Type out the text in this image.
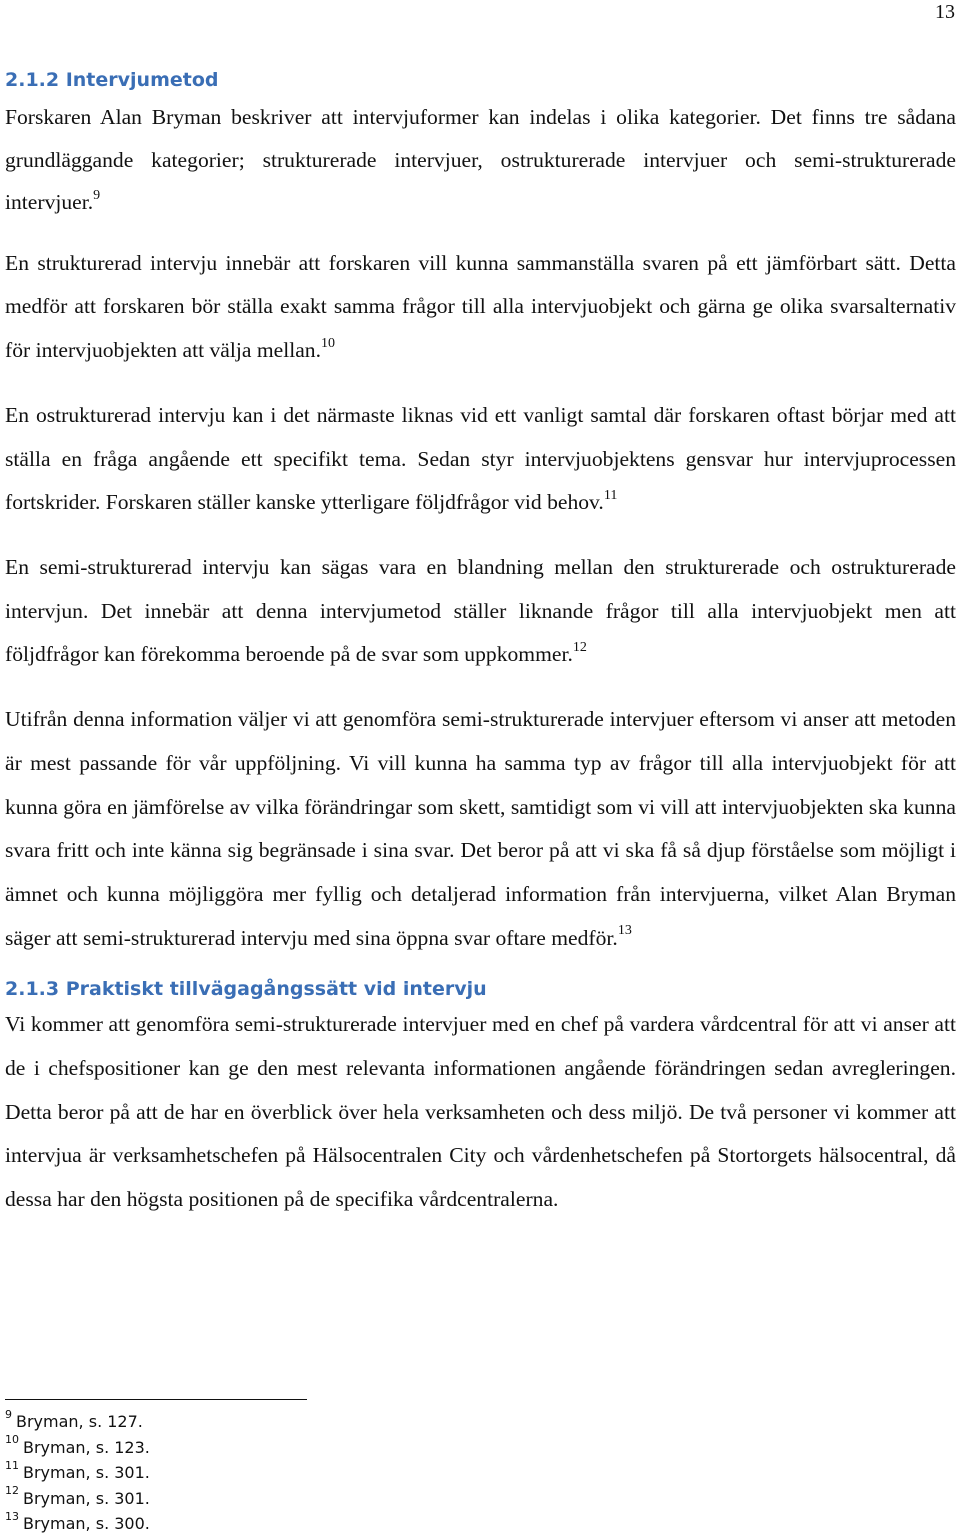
13
2.1.2 Intervjumetod

Forskaren Alan Bryman beskriver att intervjuformer kan indelas i olika kategorier. Det finns tre sådana grundläggande kategorier; strukturerade intervjuer, ostrukturerade intervjuer och semi-strukturerade intervjuer.$^9$

En strukturerad intervju innebär att forskaren vill kunna sammanställa svaren på ett jämförbart sätt. Detta medför att forskaren bör ställa exakt samma frågor till alla intervjuobjekt och gärna ge olika svarsalternativ för intervjuobjekten att välja mellan.$^{10}$

En ostrukturerad intervju kan i det närmaste liknas vid ett vanligt samtal där forskaren oftast börjar med att ställa en fråga angående ett specifikt tema. Sedan styr intervjuobjektens gensvar hur intervjuprocessen fortskrider. Forskaren ställer kanske ytterligare följdfrågor vid behov.$^{11}$

En semi-strukturerad intervju kan sägas vara en blandning mellan den strukturerade och ostrukturerade intervjun. Det innebär att denna intervjumetod ställer liknande frågor till alla intervjuobjekt men att följdfrågor kan förekomma beroende på de svar som uppkommer.$^{12}$

Utifrån denna information väljer vi att genomföra semi-strukturerade intervjuer eftersom vi anser att metoden är mest passande för vår uppföljning. Vi vill kunna ha samma typ av frågor till alla intervjuobjekt för att kunna göra en jämförelse av vilka förändringar som skett, samtidigt som vi vill att intervjuobjekten ska kunna svara fritt och inte känna sig begränsade i sina svar. Det beror på att vi ska få så djup förståelse som möjligt i ämnet och kunna möjliggöra mer fyllig och detaljerad information från intervjuerna, vilket Alan Bryman säger att semi-strukturerad intervju med sina öppna svar oftare medför.$^{13}$

2.1.3 Praktiskt tillvägagångssätt vid intervju

Vi kommer att genomföra semi-strukturerade intervjuer med en chef på vardera vårdcentral för att vi anser att de i chefspositioner kan ge den mest relevanta informationen angående förändringen sedan avregleringen. Detta beror på att de har en överblick över hela verksamheten och dess miljö. De två personer vi kommer att intervjua är verksamhetschefen på Hälsocentralen City och vårdenhetschefen på Stortorgets hälsocentral, då dessa har den högsta positionen på de specifika vårdcentralerna.

$^9$ Bryman, s. 127.
$^{10}$ Bryman, s. 123.
$^{11}$ Bryman, s. 301.
$^{12}$ Bryman, s. 301.
$^{13}$ Bryman, s. 300.
